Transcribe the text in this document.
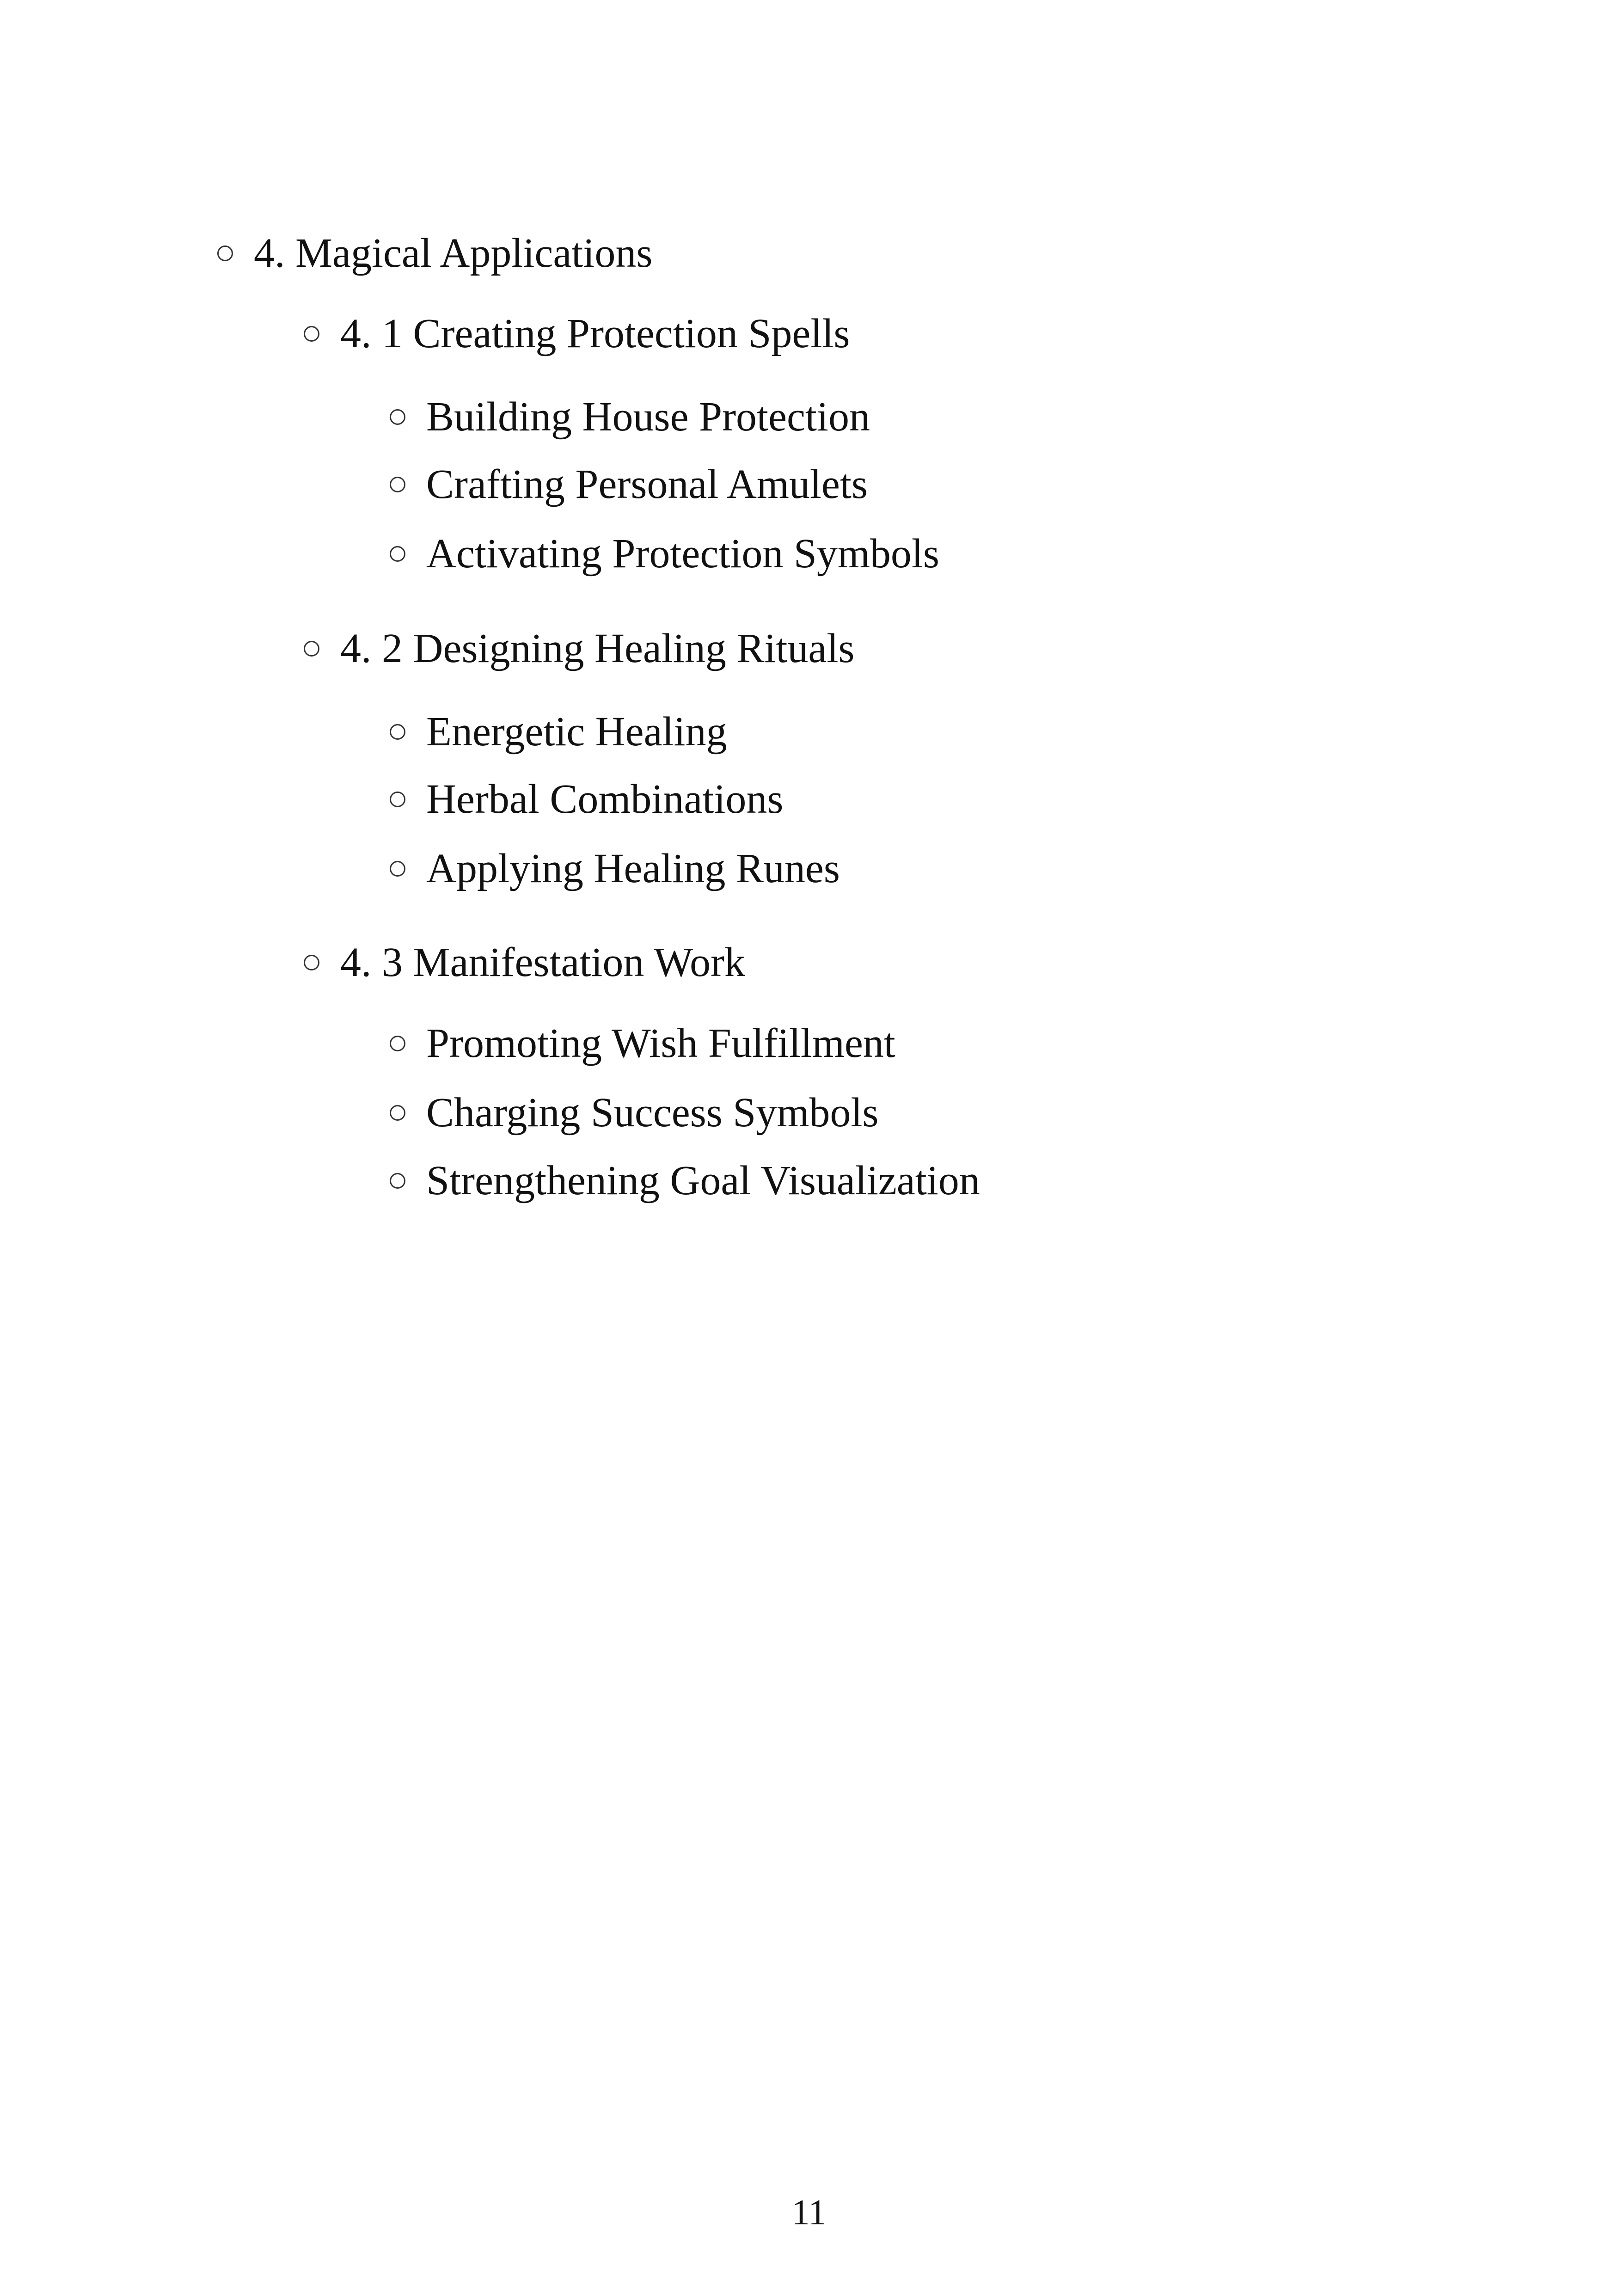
4. Magical Applications
4. 1 Creating Protection Spells
Building House Protection
Crafting Personal Amulets
Activating Protection Symbols
4. 2 Designing Healing Rituals
Energetic Healing
Herbal Combinations
Applying Healing Runes
4. 3 Manifestation Work
Promoting Wish Fulfillment
Charging Success Symbols
Strengthening Goal Visualization
11
